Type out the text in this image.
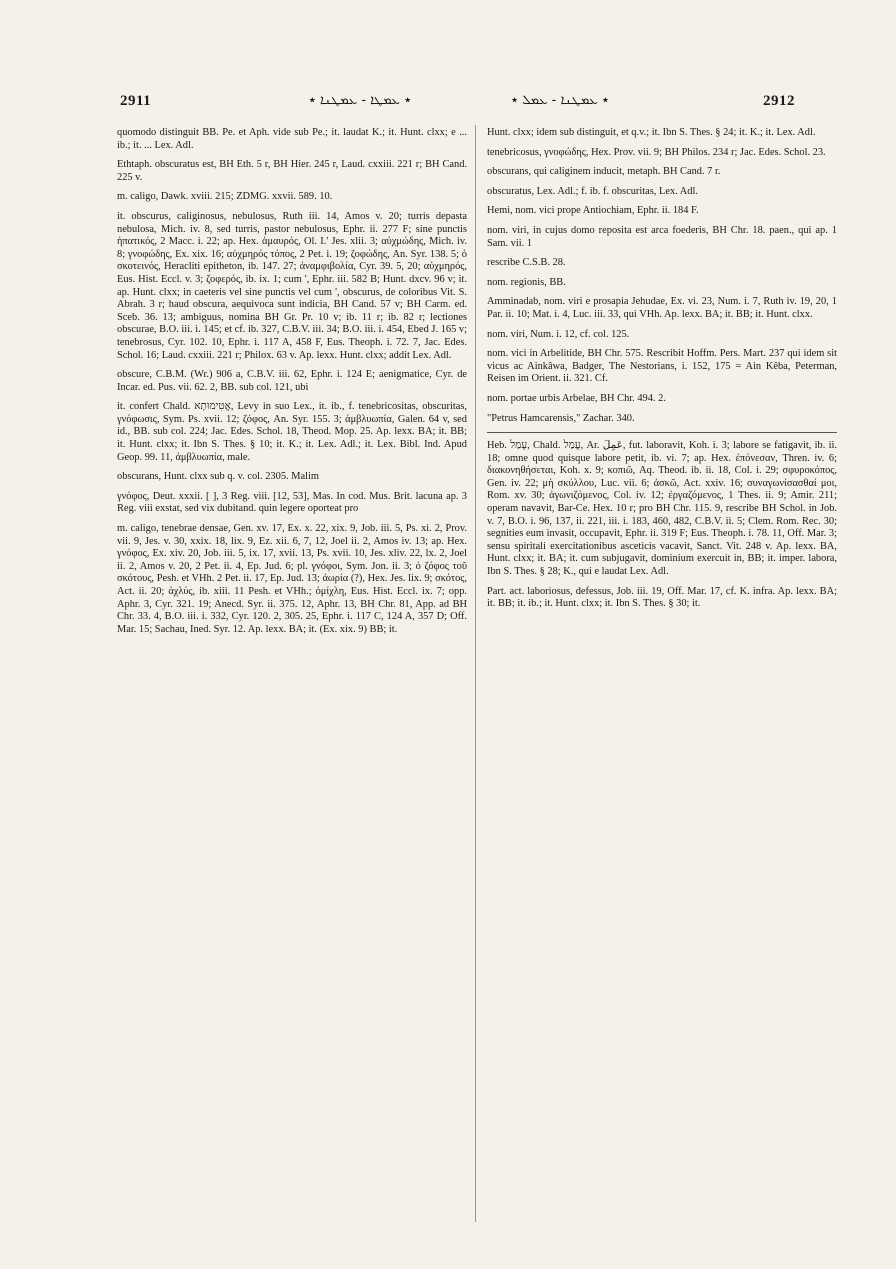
2911	٭ ܥܡܛܐ - ܥܡܛܢܐ ٭	٭ ܥܡܛܢܐ - ܥܡܠ ٭	2912
quomodo distinguit BB. Pe. et Aph. vide sub Pe.; it. laudat K.; it. Hunt. clxx; e ... ib.; it. ... Lex. Adl.
Ethtaph. obscuratus est, BH Eth. 5 r, BH Hier. 245 r, Laud. cxxiii. 221 r; BH Cand. 225 v.
m. caligo, Dawk. xviii. 215; ZDMG. xxvii. 589. 10.
it. obscurus, caliginosus, nebulosus, Ruth iii. 14, Amos v. 20; turris depasta nebulosa, Mich. iv. 8, sed turris, pastor nebulosus, Ephr. ii. 277 F; sine punctis ἠπατικός, 2 Macc. i. 22; ap. Hex. ἀμαυρός, Ol. I.' Jes. xlii. 3; αὐχμώδης, Mich. iv. 8; γνοφώδης, Ex. xix. 16; αὐχμηρός τόπος, 2 Pet. i. 19; ζοφώδης, An. Syr. 138. 5; ὁ σκοτεινός, Heracliti epitheton, ib. 147. 27; ἀναμφιβολία, Cyr. 39. 5, 20; αὐχμηρός, Eus. Hist. Eccl. v. 3; ζοφερός, ib. ix. 1; cum ', Ephr. iii. 582 B; Hunt. dxcv. 96 v; it. ap. Hunt. clxx; in caeteris vel sine punctis vel cum ', obscurus, de coloribus Vit. S. Abrah. 3 r; haud obscura, aequivoca sunt indicia, BH Cand. 57 v; BH Carm. ed. Sceb. 36. 13; ambiguus, nomina BH Gr. Pr. 10 v; ib. 11 r; ib. 82 r; lectiones obscurae, B.O. iii. i. 145; et cf. ib. 327, C.B.V. iii. 34; B.O. iii. i. 454, Ebed J. 165 v; tenebrosus, Cyr. 102. 10, Ephr. i. 117 A, 458 F, Eus. Theoph. i. 72. 7, Jac. Edes. Schol. 16; Laud. cxxiii. 221 r; Philox. 63 v. Ap. lexx. Hunt. clxx; addit Lex. Adl.
obscure, C.B.M. (Wr.) 906 a, C.B.V. iii. 62, Ephr. i. 124 E; aenigmatice, Cyr. de Incar. ed. Pus. vii. 62. 2, BB. sub col. 121, ubi
it. confert Chald. אֲטִימוּתָא, Levy in suo Lex., it. ib., f. tenebricositas, obscuritas, γνόφωσις, Sym. Ps. xvii. 12; ζόφος, An. Syr. 155. 3; ἀμβλυωπία, Galen. 64 v, sed id., BB. sub col. 224; Jac. Edes. Schol. 18, Theod. Mop. 25. Ap. lexx. BA; it. BB; it. Hunt. clxx; it. Ibn S. Thes. § 10; it. K.; it. Lex. Adl.; it. Lex. Bibl. Ind. Apud Geop. 99. 11, ἀμβλυωπία, male.
obscurans, Hunt. clxx sub q. v. col. 2305. Malim
γνόφος, Deut. xxxii. [ ], 3 Reg. viii. [12, 53], Mas. In cod. Mus. Brit. lacuna ap. 3 Reg. viii exstat, sed vix dubitand. quin legere oporteat pro
m. caligo, tenebrae densae, Gen. xv. 17, Ex. x. 22, xix. 9, Job. iii. 5, Ps. xi. 2, Prov. vii. 9, Jes. v. 30, xxix. 18, lix. 9, Ez. xii. 6, 7, 12, Joel ii. 2, Amos iv. 13; ap. Hex. γνόφος, Ex. xiv. 20, Job. iii. 5, ix. 17, xvii. 13, Ps. xvii. 10, Jes. xliv. 22, lx. 2, Joel ii. 2, Amos v. 20, 2 Pet. ii. 4, Ep. Jud. 6; pl. γνόφοι, Sym. Jon. ii. 3; ὁ ζόφος τοῦ σκότους, Pesh. et VHh. 2 Pet. ii. 17, Ep. Jud. 13; ἀωρία (?), Hex. Jes. lix. 9; σκότος, Act. ii. 20; ἀχλύς, ib. xiii. 11 Pesh. et VHh.; ὁμίχλη, Eus. Hist. Eccl. ix. 7; opp. Aphr. 3, Cyr. 321. 19; Anecd. Syr. ii. 375. 12, Aphr. 13, BH Chr. 81, App. ad BH Chr. 33. 4, B.O. iii. i. 332, Cyr. 120. 2, 305. 25, Ephr. i. 117 C, 124 A, 357 D; Off. Mar. 15; Sachau, Ined. Syr. 12. Ap. lexx. BA; it. (Ex. xix. 9) BB; it.
Hunt. clxx; idem sub distinguit, et q.v.; it. Ibn S. Thes. § 24; it. K.; it. Lex. Adl.
tenebricosus, γνοφώδης, Hex. Prov. vii. 9; BH Philos. 234 r; Jac. Edes. Schol. 23.
obscurans, qui caliginem inducit, metaph. BH Cand. 7 r.
obscuratus, Lex. Adl.; f. ib. f. obscuritas, Lex. Adl.
Hemi, nom. vici prope Antiochiam, Ephr. ii. 184 F.
nom. viri, in cujus domo reposita est arca foederis, BH Chr. 18. paen., qui ap. 1 Sam. vii. 1
rescribe C.S.B. 28.
nom. regionis, BB.
Amminadab, nom. viri e prosapia Jehudae, Ex. vi. 23, Num. i. 7, Ruth iv. 19, 20, 1 Par. ii. 10; Mat. i. 4, Luc. iii. 33, qui VHh. Ap. lexx. BA; it. BB; it. Hunt. clxx.
nom. viri, Num. i. 12, cf. col. 125.
nom. vici in Arbelitide, BH Chr. 575. Rescribit Hoffm. Pers. Mart. 237 qui idem sit vicus ac Ainkâwa, Badger, The Nestorians, i. 152, 175 = Ain Kêba, Peterman, Reisen im Orient. ii. 321. Cf.
nom. portae urbis Arbelae, BH Chr. 494. 2.
"Petrus Hamcarensis," Zachar. 340.
Heb. עָמַל, Chald. עֲמַל, Ar. عَمِلَ, fut. laboravit, Koh. i. 3; labore se fatigavit, ib. ii. 18; omne quod quisque labore petit, ib. vi. 7; ap. Hex. ἐπόνεσαν, Thren. iv. 6; διακονηθήσεται, Koh. x. 9; κοπιῶ, Aq. Theod. ib. ii. 18, Col. i. 29; σφυροκόπος, Gen. iv. 22; μὴ σκύλλου, Luc. vii. 6; ἀσκῶ, Act. xxiv. 16; συναγωνίσασθαί μοι, Rom. xv. 30; ἀγωνιζόμενος, Col. iv. 12; ἐργαζόμενος, 1 Thes. ii. 9; Amir. 211; operam navavit, Bar-Ce. Hex. 10 r; pro BH Chr. 115. 9, rescribe BH Schol. in Job. v. 7, B.O. i. 96, 137, ii. 221, iii. i. 183, 460, 482, C.B.V. ii. 5; Clem. Rom. Rec. 30; segnities eum invasit, occupavit, Ephr. ii. 319 F; Eus. Theoph. i. 78. 11, Off. Mar. 3; sensu spiritali exercitationibus asceticis vacavit, Sanct. Vit. 248 v. Ap. lexx. BA, Hunt. clxx; it. BA; it. cum subjugavit, dominium exercuit in, BB; it. imper. labora, Ibn S. Thes. § 28; K., qui e laudat Lex. Adl.
Part. act. laboriosus, defessus, Job. iii. 19, Off. Mar. 17, cf. K. infra. Ap. lexx. BA; it. BB; it. ib.; it. Hunt. clxx; it. Ibn S. Thes. § 30; it.
